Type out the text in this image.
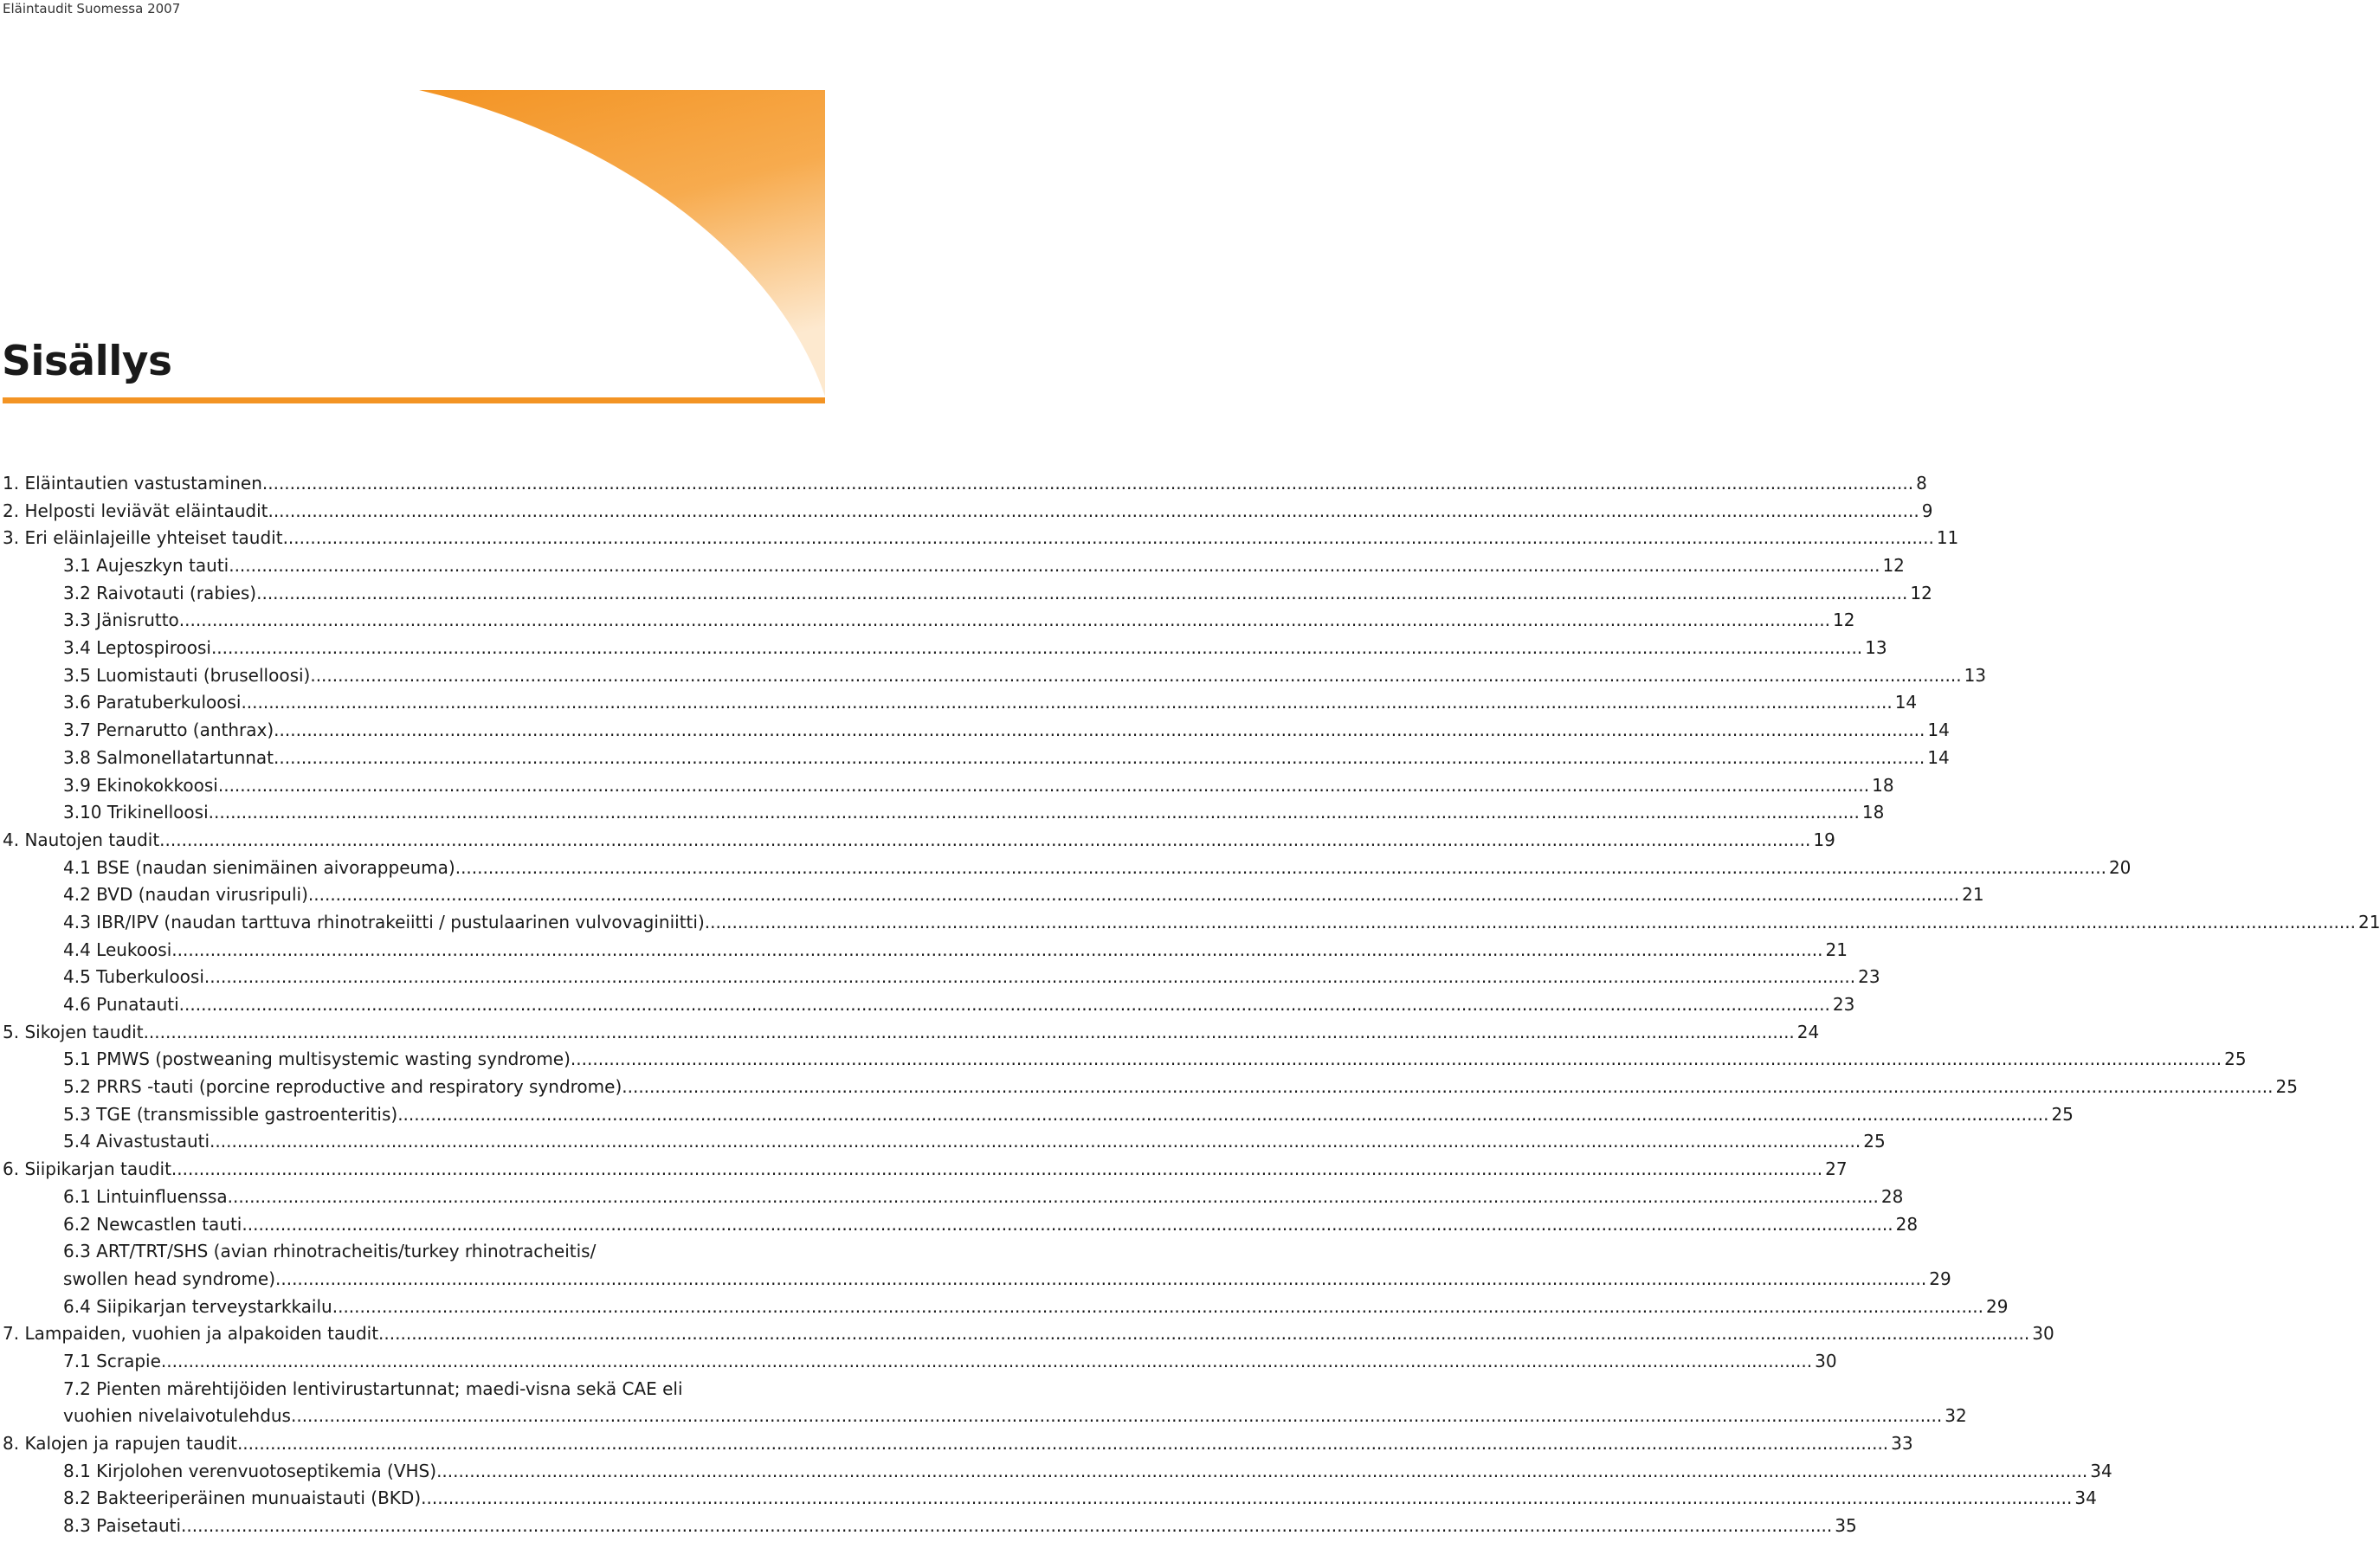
Eläintaudit Suomessa 2007
Sisällys
1. Eläintautien vastustaminen ............................................................................................................................................................................................................................................................................................................ 8
2. Helposti leviävät eläintaudit ............................................................................................................................................................................................................................................................................................................ 9
3. Eri eläinlajeille yhteiset taudit ............................................................................................................................................................................................................................................................................................................ 11
3.1 Aujeszkyn tauti ............................................................................................................................................................................................................................................................................................................ 12
3.2 Raivotauti (rabies) ............................................................................................................................................................................................................................................................................................................ 12
3.3 Jänisrutto ............................................................................................................................................................................................................................................................................................................ 12
3.4 Leptospiroosi ............................................................................................................................................................................................................................................................................................................ 13
3.5 Luomistauti (bruselloosi) ............................................................................................................................................................................................................................................................................................................ 13
3.6 Paratuberkuloosi ............................................................................................................................................................................................................................................................................................................ 14
3.7 Pernarutto (anthrax) ............................................................................................................................................................................................................................................................................................................ 14
3.8 Salmonellatartunnat ............................................................................................................................................................................................................................................................................................................ 14
3.9 Ekinokokkoosi ............................................................................................................................................................................................................................................................................................................ 18
3.10 Trikinelloosi ............................................................................................................................................................................................................................................................................................................ 18
4. Nautojen taudit ............................................................................................................................................................................................................................................................................................................ 19
4.1 BSE (naudan sienimäinen aivorappeuma) ............................................................................................................................................................................................................................................................................................................ 20
4.2 BVD (naudan virusripuli) ............................................................................................................................................................................................................................................................................................................ 21
4.3 IBR/IPV (naudan tarttuva rhinotrakeiitti / pustulaarinen vulvovaginiitti) ............................................................................................................................................................................................................................................................................................................ 21
4.4 Leukoosi ............................................................................................................................................................................................................................................................................................................ 21
4.5 Tuberkuloosi ............................................................................................................................................................................................................................................................................................................ 23
4.6 Punatauti ............................................................................................................................................................................................................................................................................................................ 23
5. Sikojen taudit ............................................................................................................................................................................................................................................................................................................ 24
5.1 PMWS (postweaning multisystemic wasting syndrome) ............................................................................................................................................................................................................................................................................................................ 25
5.2 PRRS -tauti (porcine reproductive and respiratory syndrome) ............................................................................................................................................................................................................................................................................................................ 25
5.3 TGE (transmissible gastroenteritis) ............................................................................................................................................................................................................................................................................................................ 25
5.4 Aivastustauti ............................................................................................................................................................................................................................................................................................................ 25
6. Siipikarjan taudit ............................................................................................................................................................................................................................................................................................................ 27
6.1 Lintuinfluenssa ............................................................................................................................................................................................................................................................................................................ 28
6.2 Newcastlen tauti ............................................................................................................................................................................................................................................................................................................ 28
6.3 ART/TRT/SHS (avian rhinotracheitis/turkey rhinotracheitis/
swollen head syndrome) ............................................................................................................................................................................................................................................................................................................ 29
6.4 Siipikarjan terveystarkkailu ............................................................................................................................................................................................................................................................................................................ 29
7. Lampaiden, vuohien ja alpakoiden taudit ............................................................................................................................................................................................................................................................................................................ 30
7.1 Scrapie ............................................................................................................................................................................................................................................................................................................ 30
7.2 Pienten märehtijöiden lentivirustartunnat; maedi-visna sekä CAE eli
vuohien nivelaivotulehdus ............................................................................................................................................................................................................................................................................................................ 32
8. Kalojen ja rapujen taudit ............................................................................................................................................................................................................................................................................................................ 33
8.1 Kirjolohen verenvuotoseptikemia (VHS) ............................................................................................................................................................................................................................................................................................................ 34
8.2 Bakteeriperäinen munuaistauti (BKD) ............................................................................................................................................................................................................................................................................................................ 34
8.3 Paisetauti ............................................................................................................................................................................................................................................................................................................ 35
